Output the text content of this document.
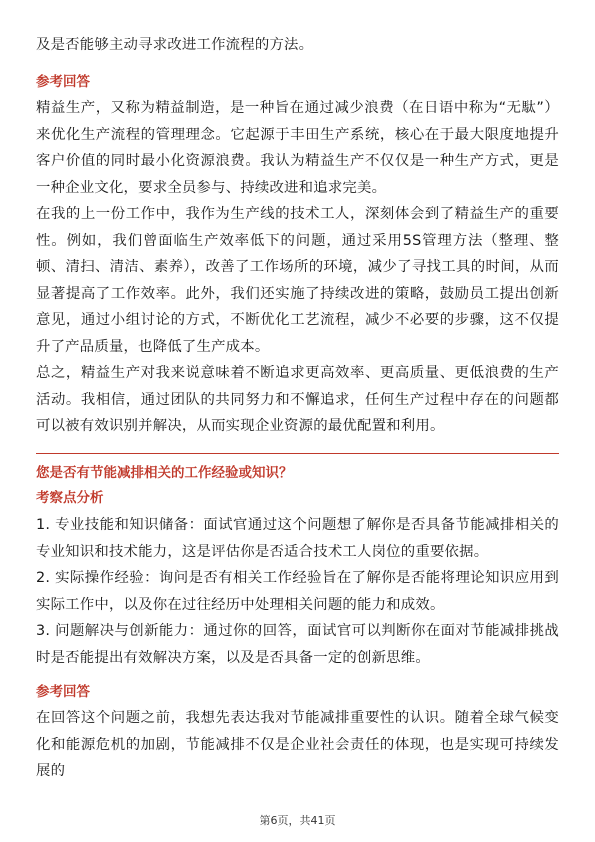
及是否能够主动寻求改进工作流程的方法。

参考回答

精益生产，又称为精益制造，是一种旨在通过减少浪费（在日语中称为“无駄”）来优化生产流程的管理理念。它起源于丰田生产系统，核心在于最大限度地提升客户价值的同时最小化资源浪费。我认为精益生产不仅仅是一种生产方式，更是一种企业文化，要求全员参与、持续改进和追求完美。

在我的上一份工作中，我作为生产线的技术工人，深刻体会到了精益生产的重要性。例如，我们曾面临生产效率低下的问题，通过采用5S管理方法（整理、整顿、清扫、清洁、素养），改善了工作场所的环境，减少了寻找工具的时间，从而显著提高了工作效率。此外，我们还实施了持续改进的策略，鼓励员工提出创新意见，通过小组讨论的方式，不断优化工艺流程，减少不必要的步骤，这不仅提升了产品质量，也降低了生产成本。

总之，精益生产对我来说意味着不断追求更高效率、更高质量、更低浪费的生产活动。我相信，通过团队的共同努力和不懈追求，任何生产过程中存在的问题都可以被有效识别并解决，从而实现企业资源的最优配置和利用。

您是否有节能减排相关的工作经验或知识？
考察点分析

1. 专业技能和知识储备：面试官通过这个问题想了解你是否具备节能减排相关的专业知识和技术能力，这是评估你是否适合技术工人岗位的重要依据。

2. 实际操作经验：询问是否有相关工作经验旨在了解你是否能将理论知识应用到实际工作中，以及你在过往经历中处理相关问题的能力和成效。

3. 问题解决与创新能力：通过你的回答，面试官可以判断你在面对节能减排挑战时是否能提出有效解决方案，以及是否具备一定的创新思维。

参考回答

在回答这个问题之前，我想先表达我对节能减排重要性的认识。随着全球气候变化和能源危机的加剧，节能减排不仅是企业社会责任的体现，也是实现可持续发展的

第6页，共41页
